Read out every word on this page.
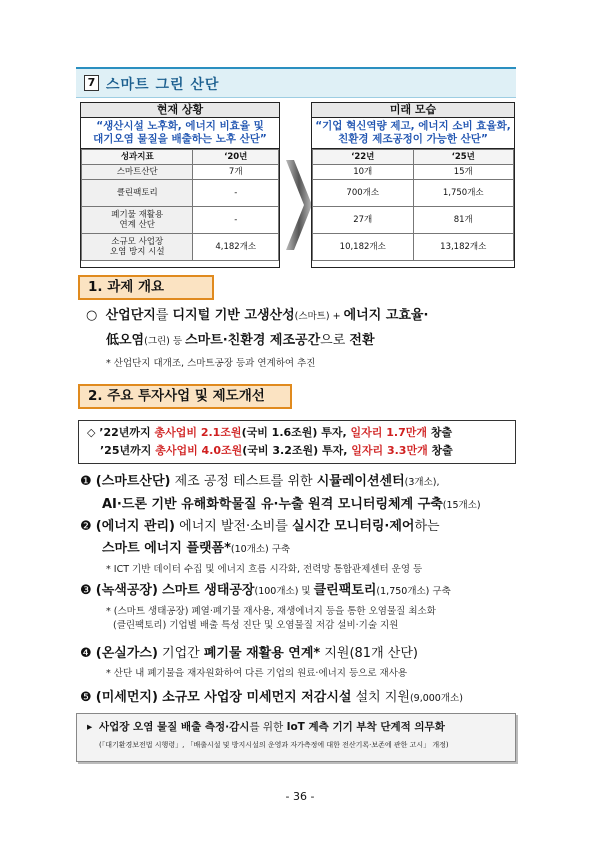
7 스마트 그린 산단
현재 상황
“생산시설 노후화, 에너지 비효율 및
대기오염 물질을 배출하는 노후 산단”
성과지표	‘20년
스마트산단	7개
클린팩토리	-
폐기물 재활용
연계 산단	-
소규모 사업장
오염 방지 시설	4,182개소
미래 모습
“기업 혁신역량 제고, 에너지 소비 효율화,
친환경 제조공정이 가능한 산단”
‘22년	‘25년
10개	15개
700개소	1,750개소
27개	81개
10,182개소	13,182개소
1. 과제 개요
○ 산업단지를 디지털 기반 고생산성(스마트) + 에너지 고효율·
低오염(그린) 등 스마트·친환경 제조공간으로 전환
* 산업단지 대개조, 스마트공장 등과 연계하여 추진
2. 주요 투자사업 및 제도개선
◇ ’22년까지 총사업비 2.1조원(국비 1.6조원) 투자, 일자리 1.7만개 창출
’25년까지 총사업비 4.0조원(국비 3.2조원) 투자, 일자리 3.3만개 창출
❶ (스마트산단) 제조 공정 테스트를 위한 시뮬레이션센터(3개소),
AI·드론 기반 유해화학물질 유·누출 원격 모니터링체계 구축(15개소)
❷ (에너지 관리) 에너지 발전·소비를 실시간 모니터링·제어하는
스마트 에너지 플랫폼*(10개소) 구축
* ICT 기반 데이터 수집 및 에너지 흐름 시각화, 전력망 통합관제센터 운영 등
❸ (녹색공장) 스마트 생태공장(100개소) 및 클린팩토리(1,750개소) 구축
* (스마트 생태공장) 폐열·폐기물 재사용, 재생에너지 등을 통한 오염물질 최소화
(클린팩토리) 기업별 배출 특성 진단 및 오염물질 저감 설비·기술 지원
❹ (온실가스) 기업간 폐기물 재활용 연계* 지원(81개 산단)
* 산단 내 폐기물을 재자원화하여 다른 기업의 원료·에너지 등으로 재사용
❺ (미세먼지) 소규모 사업장 미세먼지 저감시설 설치 지원(9,000개소)
▸ 사업장 오염 물질 배출 측정·감시를 위한 IoT 계측 기기 부착 단계적 의무화
(「대기환경보전법 시행령」, 「배출시설 및 방지시설의 운영과 자가측정에 대한 전산기록·보존에 관한 고시」 개정)
- 36 -
